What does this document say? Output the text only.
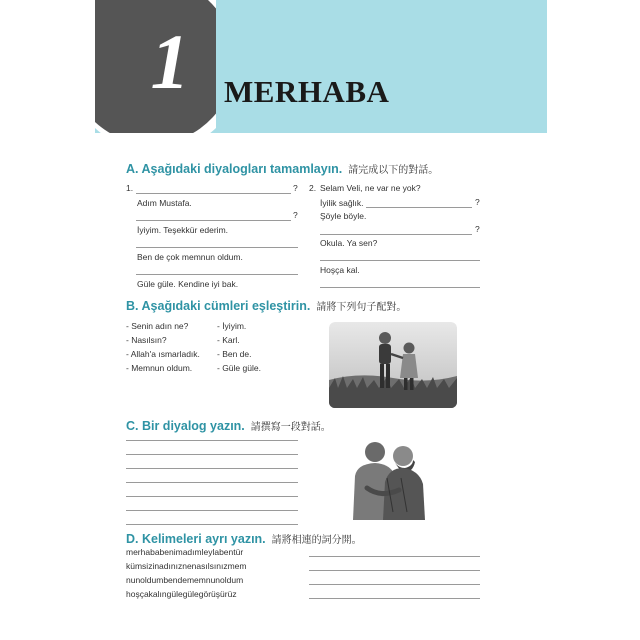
1	MERHABA
A. Aşağıdaki diyalogları tamamlayın. 請完成以下的對話。
1.	?
Adım Mustafa.
?
İyiyim. Teşekkür ederim.
Ben de çok memnun oldum.
Güle güle. Kendine iyi bak.
2. Selam Veli, ne var ne yok?
İyilik sağlık.	?
Şöyle böyle.
?
Okula. Ya sen?
Hoşça kal.
B. Aşağıdaki cümleri eşleştirin. 請將下列句子配對。
- Senin adın ne?
- Nasılsın?
- Allah'a ısmarladık.
- Memnun oldum.
- İyiyim.
- Karl.
- Ben de.
- Güle güle.
C. Bir diyalog yazın. 請撰寫一段對話。
D. Kelimeleri ayrı yazın. 請將相連的詞分開。
merhababenimadımleylabentür
kümsizinadınıznenasılsınızmem
nunoldumbendememnunoldum
hoşçakalıngülegülegörüşürüz
